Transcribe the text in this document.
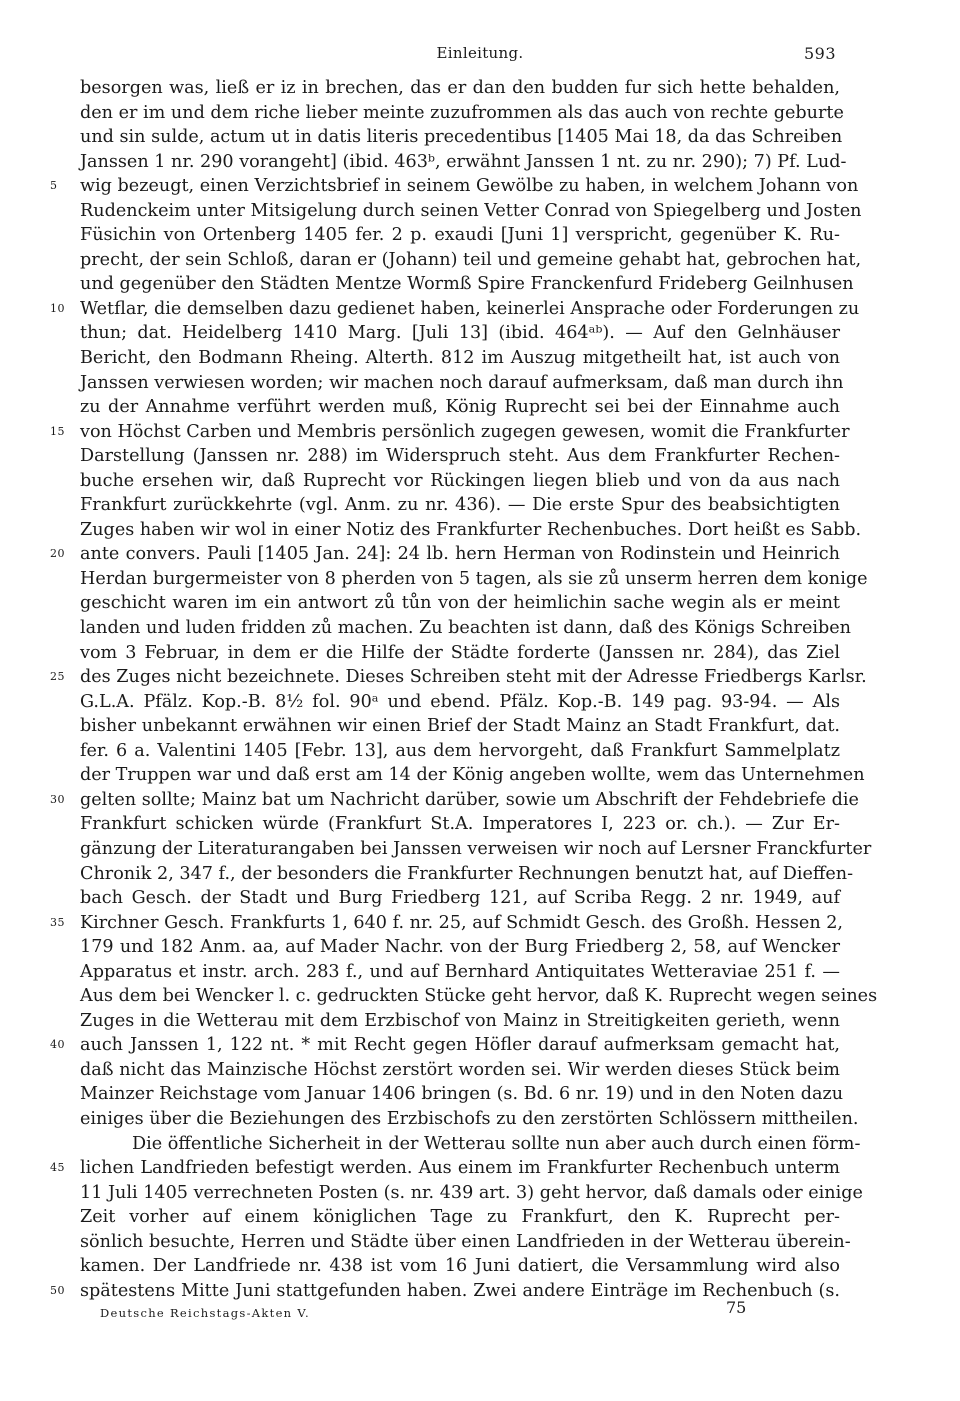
Einleitung.	593
besorgen was, ließ er iz in brechen, das er dan den budden fur sich hette behalden,
den er im und dem riche lieber meinte zuzufrommen als das auch von rechte geburte
und sin sulde, actum ut in datis literis precedentibus [1405 Mai 18, da das Schreiben
Janssen 1 nr. 290 vorangeht] (ibid. 463ᵇ, erwähnt Janssen 1 nt. zu nr. 290); 7) Pf. Lud-
5	wig bezeugt, einen Verzichtsbrief in seinem Gewölbe zu haben, in welchem Johann von
Rudenckeim unter Mitsigelung durch seinen Vetter Conrad von Spiegelberg und Josten
Füsichin von Ortenberg 1405 fer. 2 p. exaudi [Juni 1] verspricht, gegenüber K. Ru-
precht, der sein Schloß, daran er (Johann) teil und gemeine gehabt hat, gebrochen hat,
und gegenüber den Städten Mentze Wormß Spire Franckenfurd Frideberg Geilnhusen
10 Wetflar, die demselben dazu gedienet haben, keinerlei Ansprache oder Forderungen zu
thun; dat. Heidelberg 1410 Marg. [Juli 13] (ibid. 464ᵃᵇ). — Auf den Gelnhäuser
Bericht, den Bodmann Rheing. Alterth. 812 im Auszug mitgetheilt hat, ist auch von
Janssen verwiesen worden; wir machen noch darauf aufmerksam, daß man durch ihn
zu der Annahme verführt werden muß, König Ruprecht sei bei der Einnahme auch
15 von Höchst Carben und Membris persönlich zugegen gewesen, womit die Frankfurter
Darstellung (Janssen nr. 288) im Widerspruch steht. Aus dem Frankfurter Rechen-
buche ersehen wir, daß Ruprecht vor Rückingen liegen blieb und von da aus nach
Frankfurt zurückkehrte (vgl. Anm. zu nr. 436). — Die erste Spur des beabsichtigten
Zuges haben wir wol in einer Notiz des Frankfurter Rechenbuches. Dort heißt es Sabb.
20 ante convers. Pauli [1405 Jan. 24]: 24 lb. hern Herman von Rodinstein und Heinrich
Herdan burgermeister von 8 pherden von 5 tagen, als sie zů unserm herren dem konige
geschicht waren im ein antwort zů tůn von der heimlichin sache wegin als er meint
landen und luden fridden zů machen. Zu beachten ist dann, daß des Königs Schreiben
vom 3 Februar, in dem er die Hilfe der Städte forderte (Janssen nr. 284), das Ziel
25 des Zuges nicht bezeichnete. Dieses Schreiben steht mit der Adresse Friedbergs Karlsr.
G.L.A. Pfälz. Kop.-B. 8½ fol. 90ᵃ und ebend. Pfälz. Kop.-B. 149 pag. 93-94. — Als
bisher unbekannt erwähnen wir einen Brief der Stadt Mainz an Stadt Frankfurt, dat.
fer. 6 a. Valentini 1405 [Febr. 13], aus dem hervorgeht, daß Frankfurt Sammelplatz
der Truppen war und daß erst am 14 der König angeben wollte, wem das Unternehmen
30 gelten sollte; Mainz bat um Nachricht darüber, sowie um Abschrift der Fehdebriefe die
Frankfurt schicken würde (Frankfurt St.A. Imperatores I, 223 or. ch.). — Zur Er-
gänzung der Literaturangaben bei Janssen verweisen wir noch auf Lersner Franckfurter
Chronik 2, 347 f., der besonders die Frankfurter Rechnungen benutzt hat, auf Dieffen-
bach Gesch. der Stadt und Burg Friedberg 121, auf Scriba Regg. 2 nr. 1949, auf
35 Kirchner Gesch. Frankfurts 1, 640 f. nr. 25, auf Schmidt Gesch. des Großh. Hessen 2,
179 und 182 Anm. aa, auf Mader Nachr. von der Burg Friedberg 2, 58, auf Wencker
Apparatus et instr. arch. 283 f., und auf Bernhard Antiquitates Wetteraviae 251 f. —
Aus dem bei Wencker l. c. gedruckten Stücke geht hervor, daß K. Ruprecht wegen seines
Zuges in die Wetterau mit dem Erzbischof von Mainz in Streitigkeiten gerieth, wenn
40 auch Janssen 1, 122 nt. * mit Recht gegen Höfler darauf aufmerksam gemacht hat,
daß nicht das Mainzische Höchst zerstört worden sei. Wir werden dieses Stück beim
Mainzer Reichstage vom Januar 1406 bringen (s. Bd. 6 nr. 19) und in den Noten dazu
einiges über die Beziehungen des Erzbischofs zu den zerstörten Schlössern mittheilen.
Die öffentliche Sicherheit in der Wetterau sollte nun aber auch durch einen förm-
45 lichen Landfrieden befestigt werden. Aus einem im Frankfurter Rechenbuch unterm
11 Juli 1405 verrechneten Posten (s. nr. 439 art. 3) geht hervor, daß damals oder einige
Zeit vorher auf einem königlichen Tage zu Frankfurt, den K. Ruprecht per-
sönlich besuchte, Herren und Städte über einen Landfrieden in der Wetterau überein-
kamen. Der Landfriede nr. 438 ist vom 16 Juni datiert, die Versammlung wird also
50 spätestens Mitte Juni stattgefunden haben. Zwei andere Einträge im Rechenbuch (s.
Deutsche Reichstags-Akten V.	75
